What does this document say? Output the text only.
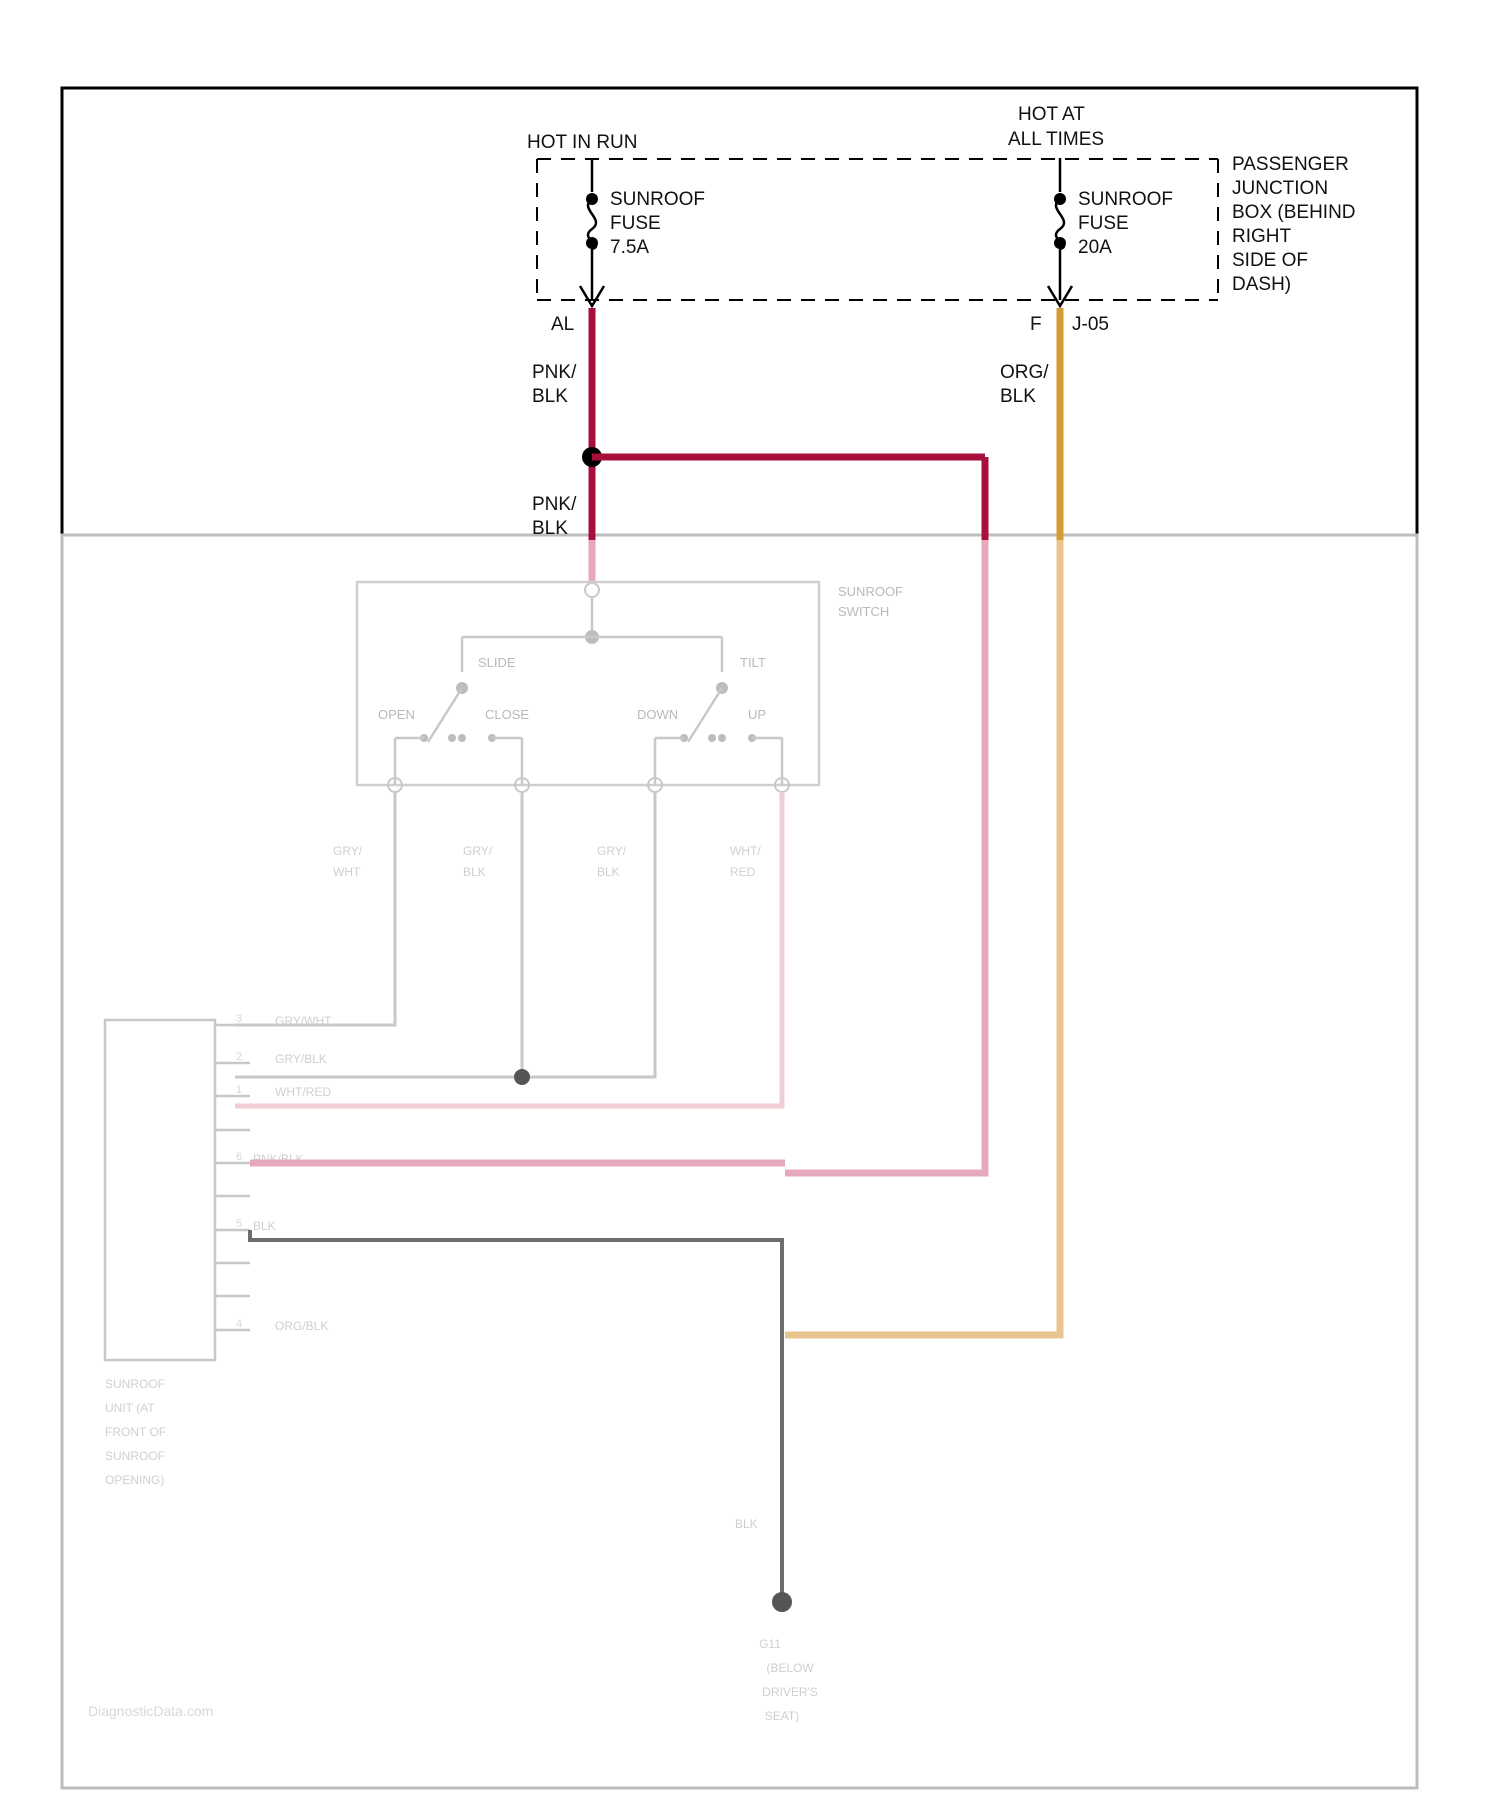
HOT IN RUN
HOT AT
ALL TIMES
PASSENGER
JUNCTION
BOX (BEHIND
RIGHT
SIDE OF
DASH)
SUNROOF
FUSE
7.5A
AL
SUNROOF
FUSE
20A
F J-05
PNK/
BLK
PNK/
BLK
ORG/
BLK
SUNROOF
SWITCH
SLIDE	TILT
OPEN	CLOSE	DOWN	UP
GRY/
WHT
GRY/
BLK
GRY/
BLK
WHT/
RED
3	GRY/WHT
2	GRY/BLK
1	WHT/RED
6 PNK/BLK
5 BLK
4	ORG/BLK
SUNROOF
UNIT (AT
FRONT OF
SUNROOF
OPENING)
BLK
G11
(BELOW
DRIVER'S
SEAT)
DiagnosticData.com
